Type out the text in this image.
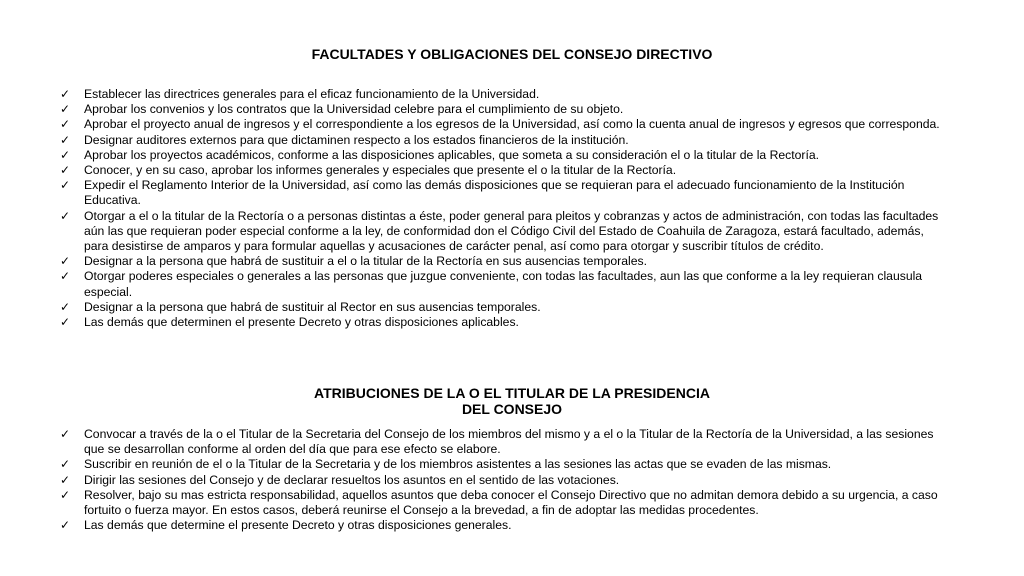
FACULTADES Y OBLIGACIONES DEL CONSEJO DIRECTIVO
✓	Establecer las directrices generales para el eficaz funcionamiento de la Universidad.
✓	Aprobar los convenios y los contratos que la Universidad celebre para el cumplimiento de su objeto.
✓	Aprobar el proyecto anual de ingresos y el correspondiente a los egresos de la Universidad, así como la cuenta anual de ingresos y egresos que corresponda.
✓	Designar auditores externos para que dictaminen respecto a los estados financieros de la institución.
✓	Aprobar los proyectos académicos, conforme a las disposiciones aplicables, que someta a su consideración el o la titular de la Rectoría.
✓	Conocer, y en su caso, aprobar los informes generales y especiales que presente el o la titular de la Rectoría.
✓	Expedir el Reglamento Interior de la Universidad, así como las demás disposiciones que se requieran para el adecuado funcionamiento de la Institución Educativa.
✓	Otorgar a el o la titular de la Rectoría o a personas distintas a éste, poder general para pleitos y cobranzas y actos de administración, con todas las facultades aún las que requieran poder especial conforme a la ley, de conformidad don el Código Civil del Estado de Coahuila de Zaragoza, estará facultado, además, para desistirse de amparos y para formular aquellas y acusaciones de carácter penal, así como para otorgar y suscribir títulos de crédito.
✓	Designar a la persona que habrá de sustituir a el o la titular de la Rectoría en sus ausencias temporales.
✓	Otorgar poderes especiales o generales a las personas que juzgue conveniente, con todas las facultades, aun las que conforme a la ley requieran clausula especial.
✓	Designar a la persona que habrá de sustituir al Rector en sus ausencias temporales.
✓	Las demás que determinen el presente Decreto y otras disposiciones aplicables.
ATRIBUCIONES DE LA O EL TITULAR DE LA PRESIDENCIA
DEL CONSEJO
✓	Convocar a través de la o el Titular de la Secretaria del Consejo de los miembros del mismo y a el o la Titular de la Rectoría de la Universidad, a las sesiones que se desarrollan conforme al orden del día que para ese efecto se elabore.
✓	Suscribir en reunión de el o la Titular de la Secretaria y de los miembros asistentes a las sesiones las actas que se evaden de las mismas.
✓	Dirigir las sesiones del Consejo y de declarar resueltos los asuntos en el sentido de las votaciones.
✓	Resolver, bajo su mas estricta responsabilidad, aquellos asuntos que deba conocer el Consejo Directivo que no admitan demora debido a su urgencia, a caso fortuito o fuerza mayor. En estos casos, deberá reunirse el Consejo a la brevedad, a fin de adoptar las medidas procedentes.
✓	Las demás que determine el presente Decreto y otras disposiciones generales.
